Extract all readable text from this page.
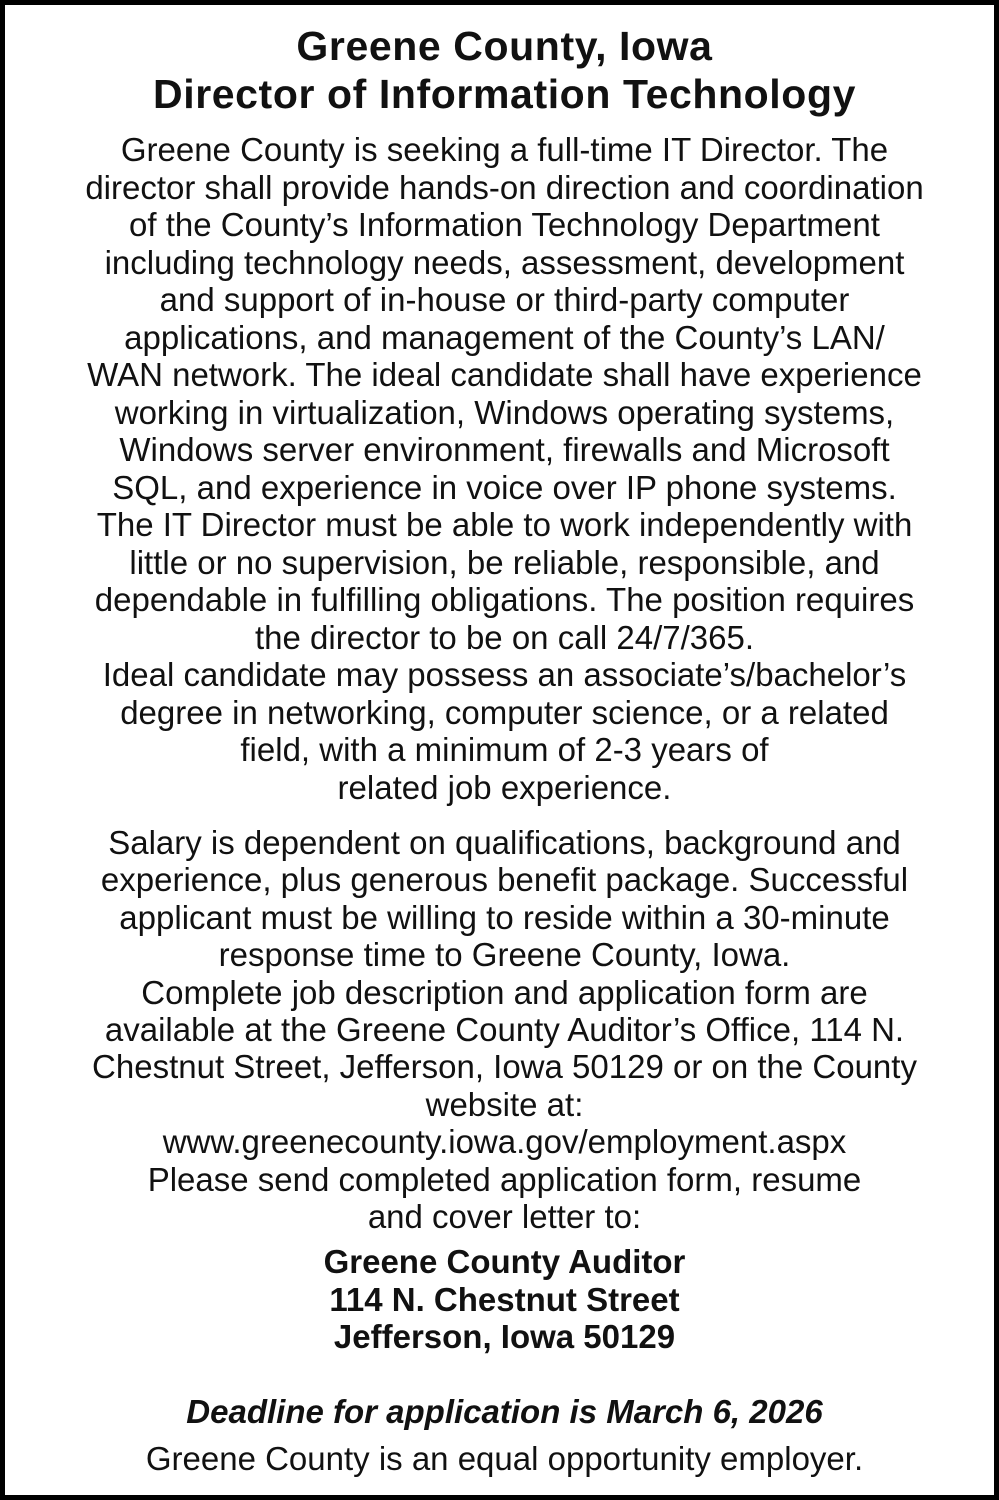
Greene County, Iowa
Director of Information Technology
Greene County is seeking a full-time IT Director. The
director shall provide hands-on direction and coordination
of the County’s Information Technology Department
including technology needs, assessment, development
and support of in-house or third-party computer
applications, and management of the County’s LAN/
WAN network. The ideal candidate shall have experience
working in virtualization, Windows operating systems,
Windows server environment, firewalls and Microsoft
SQL, and experience in voice over IP phone systems.
The IT Director must be able to work independently with
little or no supervision, be reliable, responsible, and
dependable in fulfilling obligations. The position requires
the director to be on call 24/7/365.
Ideal candidate may possess an associate’s/bachelor’s
degree in networking, computer science, or a related
field, with a minimum of 2-3 years of
related job experience.
Salary is dependent on qualifications, background and
experience, plus generous benefit package. Successful
applicant must be willing to reside within a 30-minute
response time to Greene County, Iowa.
Complete job description and application form are
available at the Greene County Auditor’s Office, 114 N.
Chestnut Street, Jefferson, Iowa 50129 or on the County
website at:
www.greenecounty.iowa.gov/employment.aspx
Please send completed application form, resume
and cover letter to:
Greene County Auditor
114 N. Chestnut Street
Jefferson, Iowa 50129
Deadline for application is March 6, 2026
Greene County is an equal opportunity employer.
